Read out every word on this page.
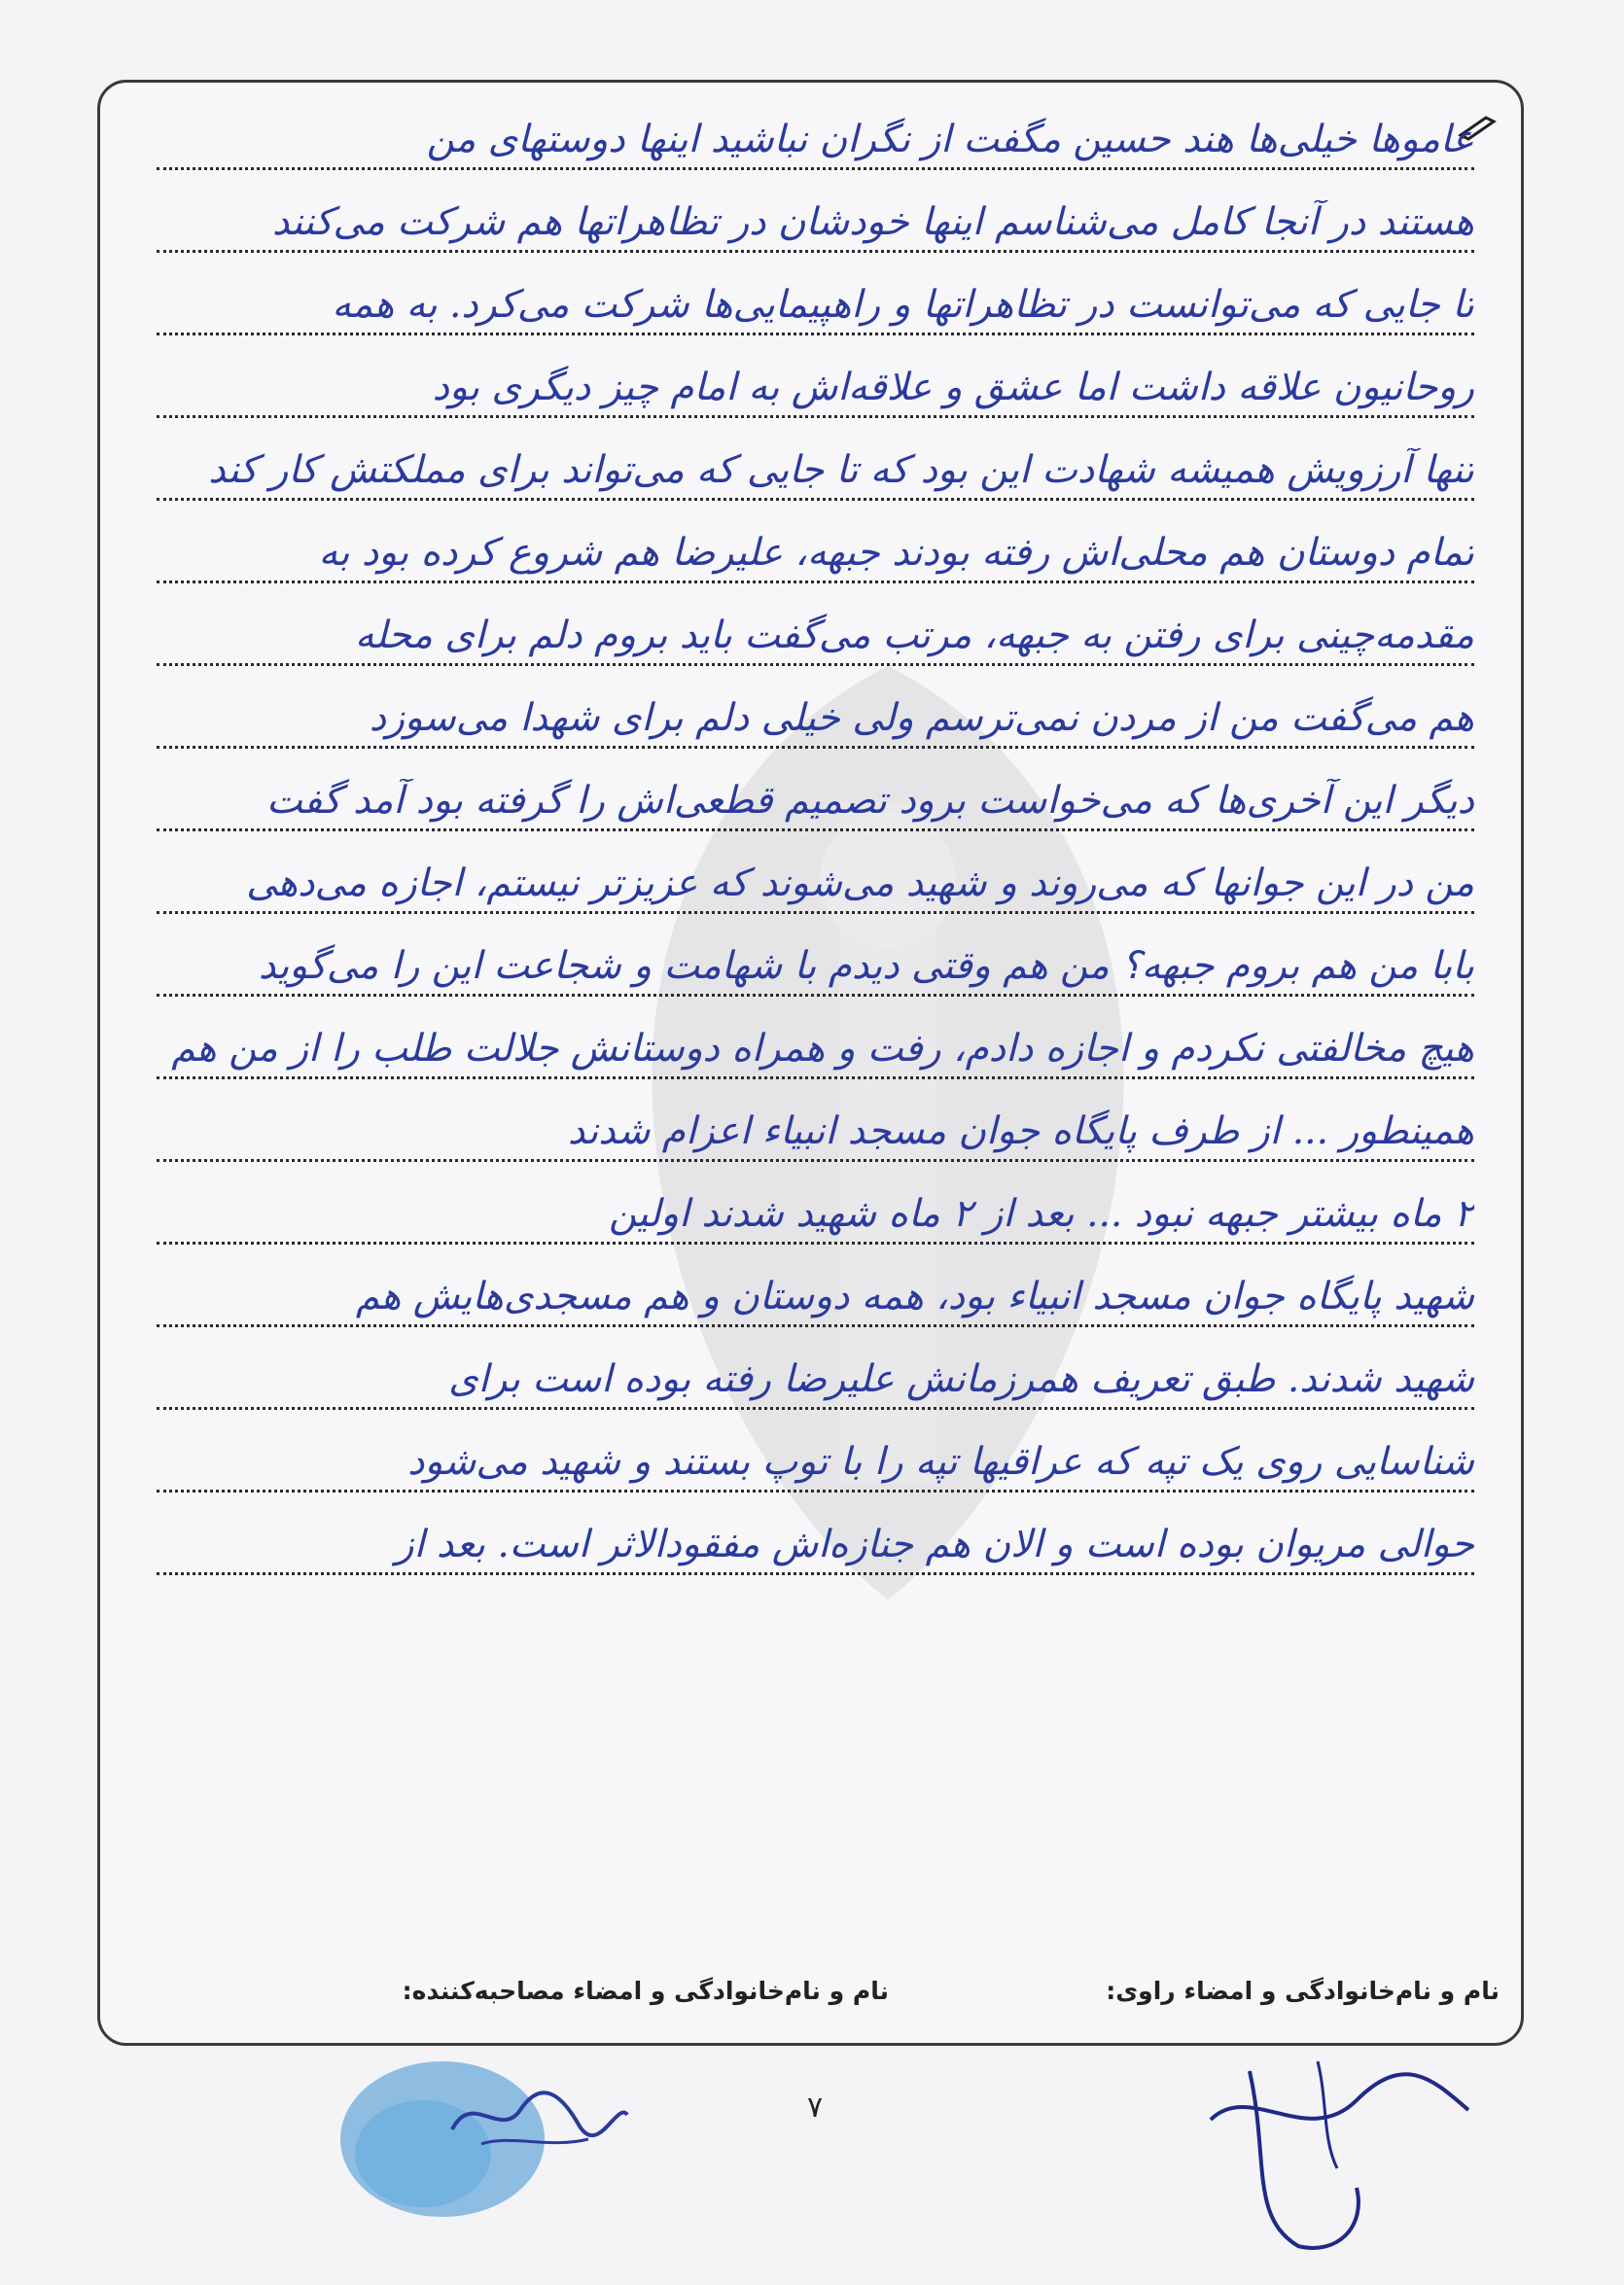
عاموها خیلی‌ها هند حسین مگفت از نگران نباشید اینها دوستهای من
هستند در آنجا کامل می‌شناسم اینها خودشان در تظاهراتها هم شرکت می‌کنند
تا جایی که می‌توانست در تظاهراتها و راهپیمایی‌ها شرکت می‌کرد. به همه
روحانیون علاقه داشت اما عشق و علاقه‌اش به امام چیز دیگری بود
تنها آرزویش همیشه شهادت این بود که تا جایی که می‌تواند برای مملکتش کار کند
تمام دوستان هم محلی‌اش رفته بودند جبهه، علیرضا هم شروع کرده بود به
مقدمه‌چینی برای رفتن به جبهه، مرتب می‌گفت باید بروم دلم برای محله
هم می‌گفت من از مردن نمی‌ترسم ولی خیلی دلم برای شهدا می‌سوزد
دیگر این آخری‌ها که می‌خواست برود تصمیم قطعی‌اش را گرفته بود آمد گفت
من در این جوانها که می‌روند و شهید می‌شوند که عزیزتر نیستم، اجازه می‌دهی
بابا من هم بروم جبهه؟ من هم وقتی دیدم با شهامت و شجاعت این را می‌گوید
هیچ مخالفتی نکردم و اجازه دادم، رفت و همراه دوستانش جلالت طلب را از من هم
همینطور ... از طرف پایگاه جوان مسجد انبیاء اعزام شدند
۲ ماه بیشتر جبهه نبود ... بعد از ۲ ماه شهید شدند اولین
شهید پایگاه جوان مسجد انبیاء بود، همه دوستان و هم مسجدی‌هایش هم
شهید شدند. طبق تعریف همرزمانش علیرضا رفته بوده است برای
شناسایی روی یک تپه که عراقیها تپه را با توپ بستند و شهید می‌شود
حوالی مریوان بوده است و الان هم جنازه‌اش مفقودالاثر است. بعد از
نام و نام‌خانوادگی و امضاء راوی:
نام و نام‌خانوادگی و امضاء مصاحبه‌کننده:
۷
